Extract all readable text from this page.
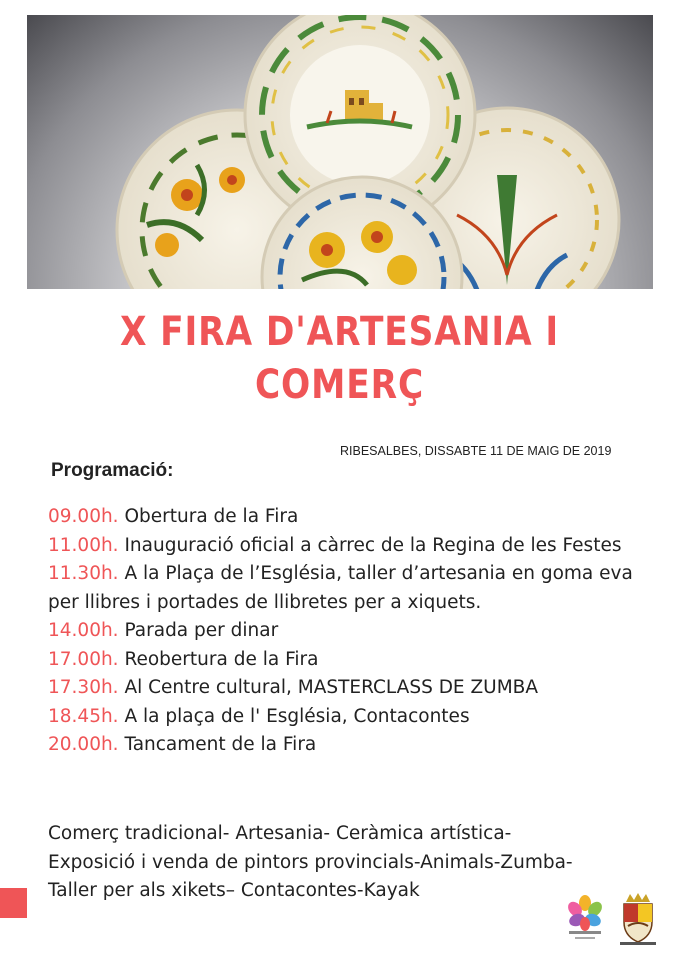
X FIRA D'ARTESANIA I
COMERÇ
RIBESALBES, DISSABTE 11 DE MAIG DE 2019
Programació:

09.00h. Obertura de la Fira

11.00h. Inauguració oficial a càrrec de la Regina de les Festes

11.30h. A la Plaça de l’Església, taller d’artesania en goma eva per llibres i portades de llibretes per a xiquets.

14.00h. Parada per dinar

17.00h. Reobertura de la Fira

17.30h. Al Centre cultural, MASTERCLASS DE ZUMBA

18.45h. A la plaça de l' Església, Contacontes

20.00h. Tancament de la Fira

Comerç tradicional- Artesania- Ceràmica artística-
Exposició i venda de pintors provincials-Animals-Zumba-
Taller per als xikets– Contacontes-Kayak
